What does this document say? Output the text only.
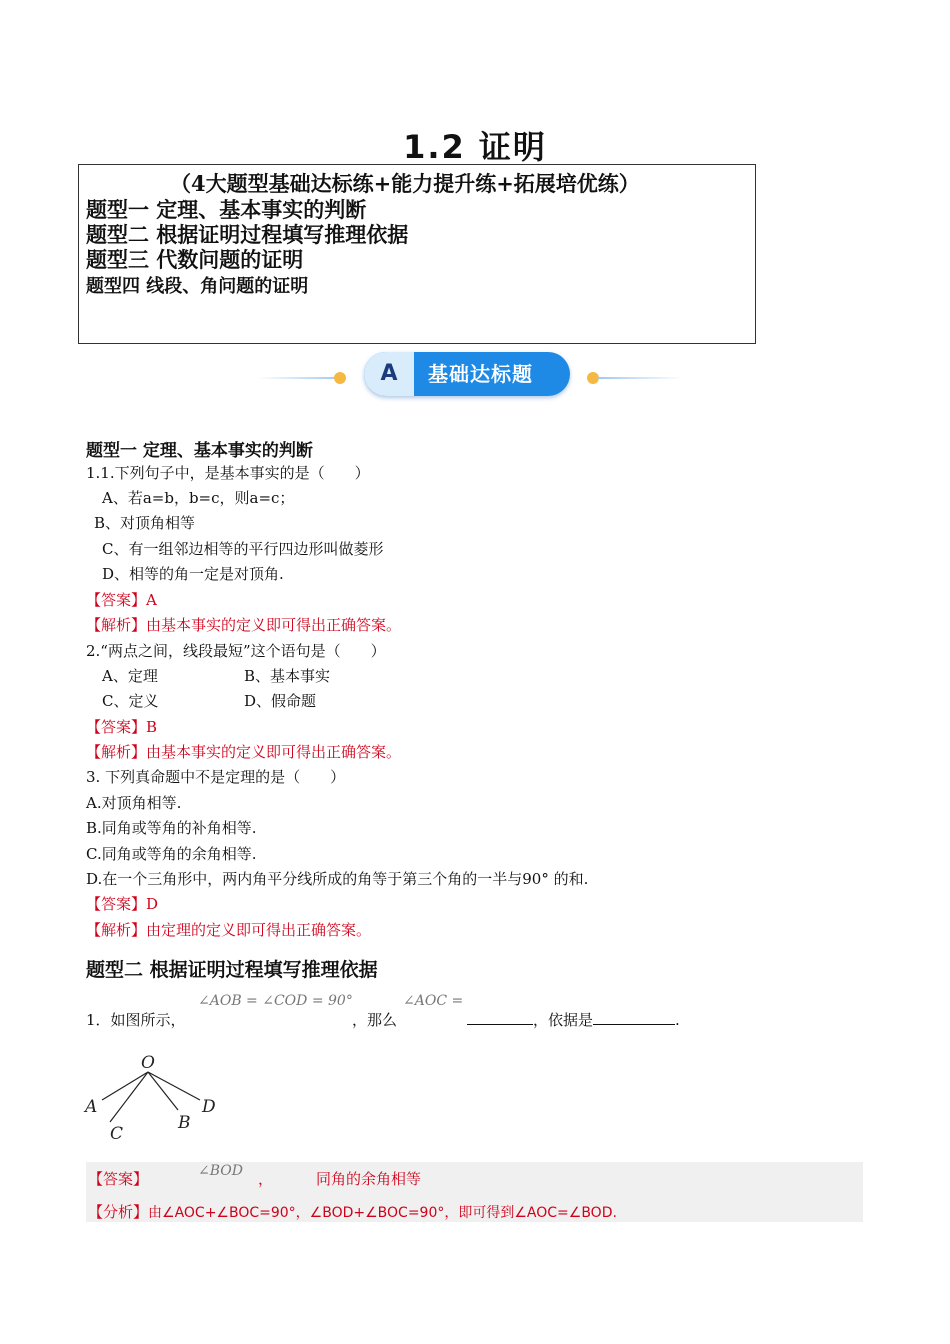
1.2 证明
（4大题型基础达标练+能力提升练+拓展培优练）
题型一 定理、基本事实的判断
题型二 根据证明过程填写推理依据
题型三 代数问题的证明
题型四 线段、角问题的证明
A	基础达标题
题型一 定理、基本事实的判断
1.1.下列句子中，是基本事实的是（　　）
A、若a=b，b=c，则a=c；
B、对顶角相等
C、有一组邻边相等的平行四边形叫做菱形
D、相等的角一定是对顶角.
【答案】A
【解析】由基本事实的定义即可得出正确答案。
2.“两点之间，线段最短”这个语句是（　　）
A、定理	B、基本事实
C、定义	D、假命题
【答案】B
【解析】由基本事实的定义即可得出正确答案。
3. 下列真命题中不是定理的是（　　）
A.对顶角相等.
B.同角或等角的补角相等.
C.同角或等角的余角相等.
D.在一个三角形中，两内角平分线所成的角等于第三个角的一半与90° 的和.
【答案】D
【解析】由定理的定义即可得出正确答案。
题型二 根据证明过程填写推理依据
1．如图所示，
∠AOB = ∠COD = 90°
，那么
∠AOC =
，依据是	.
O
A
C
B
D
【答案】	∠BOD ，	同角的余角相等
【分析】由∠AOC+∠BOC=90°，∠BOD+∠BOC=90°，即可得到∠AOC=∠BOD.
